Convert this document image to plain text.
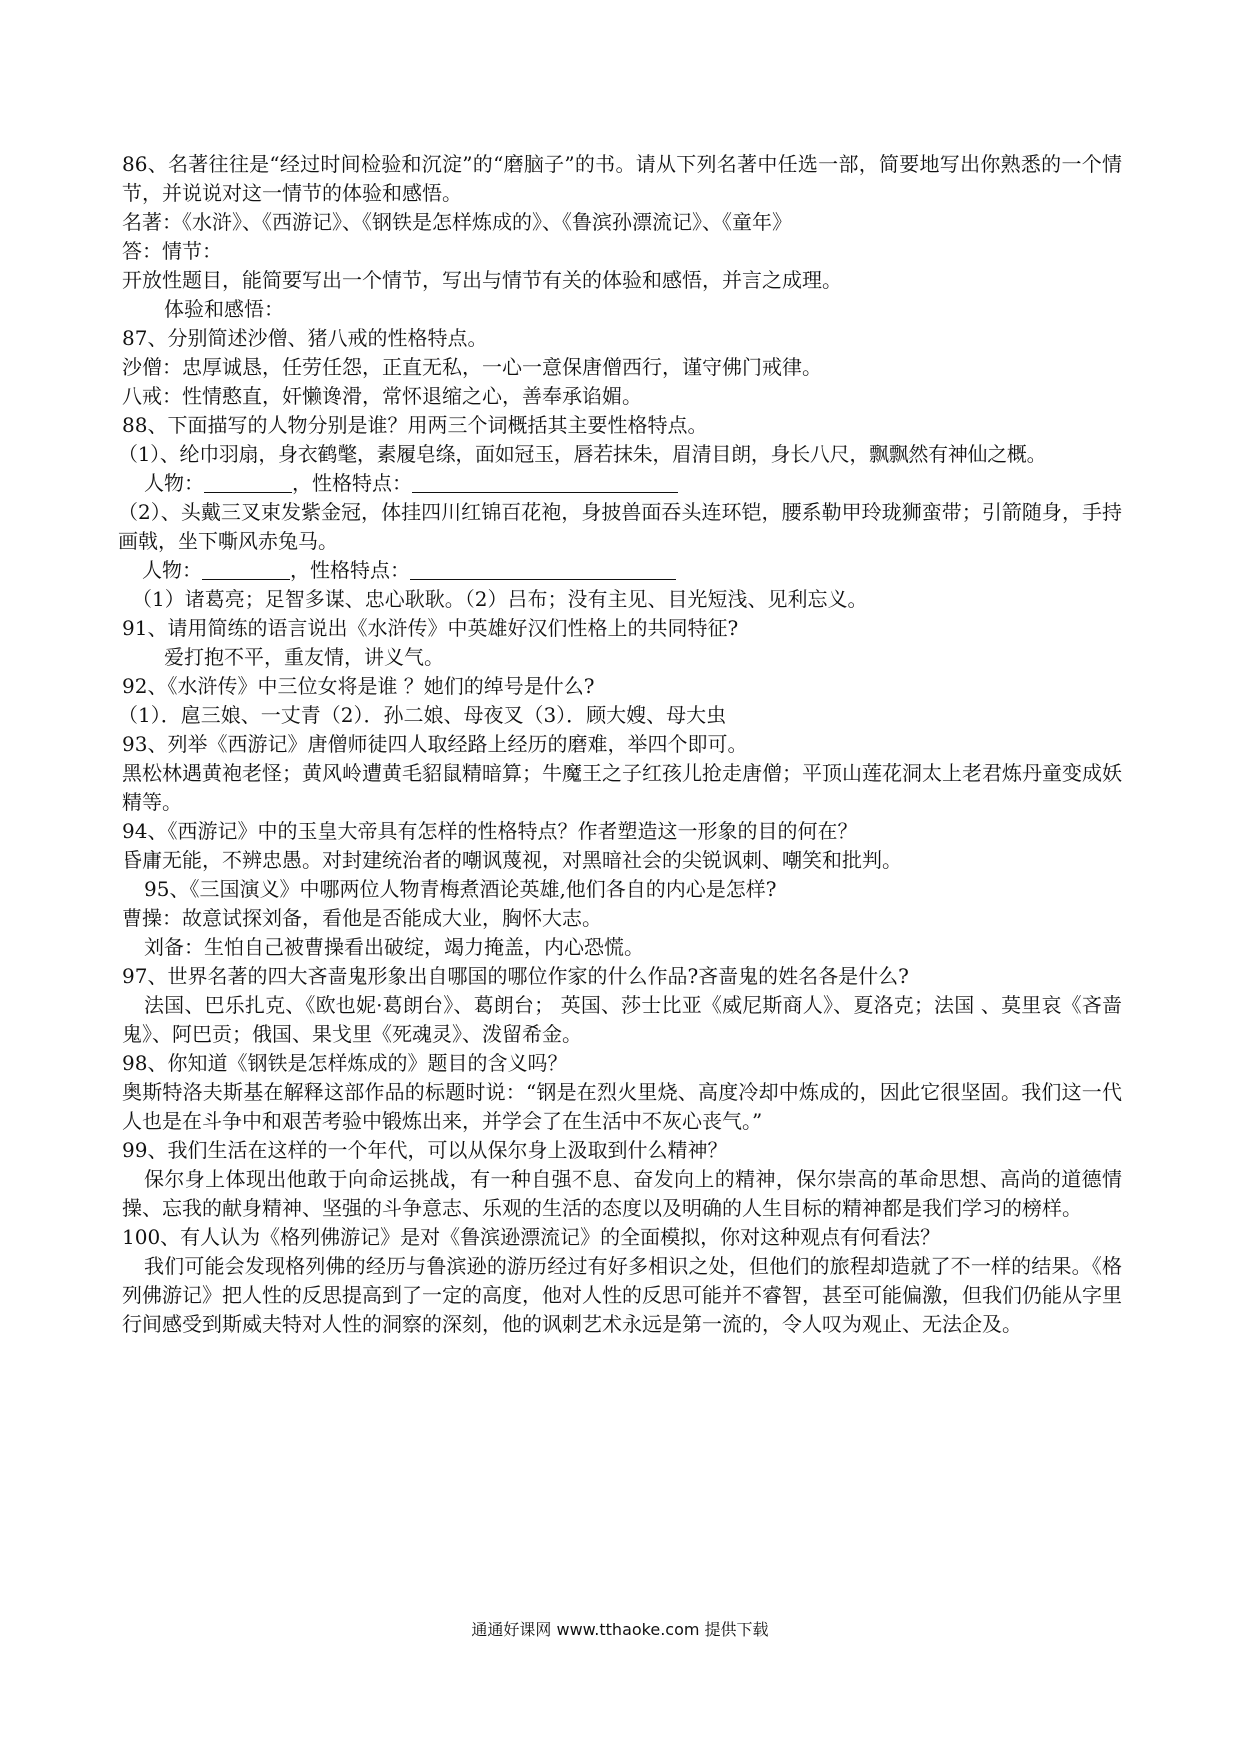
86、名著往往是“经过时间检验和沉淀”的“磨脑子”的书。请从下列名著中任选一部，简要地写出你熟悉的一个情节，并说说对这一情节的体验和感悟。
名著：《水浒》、《西游记》、《钢铁是怎样炼成的》、《鲁滨孙漂流记》、《童年》
答：情节：
开放性题目，能简要写出一个情节，写出与情节有关的体验和感悟，并言之成理。
体验和感悟：
87、分别简述沙僧、猪八戒的性格特点。
沙僧：忠厚诚恳，任劳任怨，正直无私，一心一意保唐僧西行，谨守佛门戒律。
八戒：性情憨直，奸懒谗滑，常怀退缩之心，善奉承谄媚。
88、下面描写的人物分别是谁？用两三个词概括其主要性格特点。
（1）、纶巾羽扇，身衣鹤氅，素履皂绦，面如冠玉，唇若抹朱，眉清目朗，身长八尺，飘飘然有神仙之概。
人物：	，性格特点：
（2）、头戴三叉束发紫金冠，体挂四川红锦百花袍，身披兽面吞头连环铠，腰系勒甲玲珑狮蛮带；引箭随身，手持画戟，坐下嘶风赤兔马。
人物：	，性格特点：
（1）诸葛亮；足智多谋、忠心耿耿。（2）吕布；没有主见、目光短浅、见利忘义。
91、请用简练的语言说出《水浒传》中英雄好汉们性格上的共同特征?
爱打抱不平，重友情，讲义气。
92、《水浒传》中三位女将是谁 ？她们的绰号是什么?
（1）．扈三娘、一丈青（2）．孙二娘、母夜叉（3）．顾大嫂、母大虫
93、列举《西游记》唐僧师徒四人取经路上经历的磨难，举四个即可。
黑松林遇黄袍老怪；黄风岭遭黄毛貂鼠精暗算；牛魔王之子红孩儿抢走唐僧；平顶山莲花洞太上老君炼丹童变成妖精等。
94、《西游记》中的玉皇大帝具有怎样的性格特点？作者塑造这一形象的目的何在？
昏庸无能，不辨忠愚。对封建统治者的嘲讽蔑视，对黑暗社会的尖锐讽刺、嘲笑和批判。
95、《三国演义》中哪两位人物青梅煮酒论英雄,他们各自的内心是怎样?
曹操：故意试探刘备，看他是否能成大业，胸怀大志。
刘备：生怕自己被曹操看出破绽，竭力掩盖，内心恐慌。
97、世界名著的四大吝啬鬼形象出自哪国的哪位作家的什么作品?吝啬鬼的姓名各是什么?
法国、巴乐扎克、《欧也妮·葛朗台》、葛朗台； 英国、莎士比亚《威尼斯商人》、夏洛克；法国 、莫里哀《吝啬鬼》、阿巴贡；俄国、果戈里《死魂灵》、泼留希金。
98、你知道《钢铁是怎样炼成的》题目的含义吗？
奥斯特洛夫斯基在解释这部作品的标题时说：“钢是在烈火里烧、高度冷却中炼成的，因此它很坚固。我们这一代人也是在斗争中和艰苦考验中锻炼出来，并学会了在生活中不灰心丧气。”
99、我们生活在这样的一个年代，可以从保尔身上汲取到什么精神？
保尔身上体现出他敢于向命运挑战，有一种自强不息、奋发向上的精神，保尔崇高的革命思想、高尚的道德情操、忘我的献身精神、坚强的斗争意志、乐观的生活的态度以及明确的人生目标的精神都是我们学习的榜样。
100、有人认为《格列佛游记》是对《鲁滨逊漂流记》的全面模拟，你对这种观点有何看法？
我们可能会发现格列佛的经历与鲁滨逊的游历经过有好多相识之处，但他们的旅程却造就了不一样的结果。《格列佛游记》把人性的反思提高到了一定的高度，他对人性的反思可能并不睿智，甚至可能偏激，但我们仍能从字里行间感受到斯威夫特对人性的洞察的深刻，他的讽刺艺术永远是第一流的，令人叹为观止、无法企及。
通通好课网 www.tthaoke.com 提供下载
